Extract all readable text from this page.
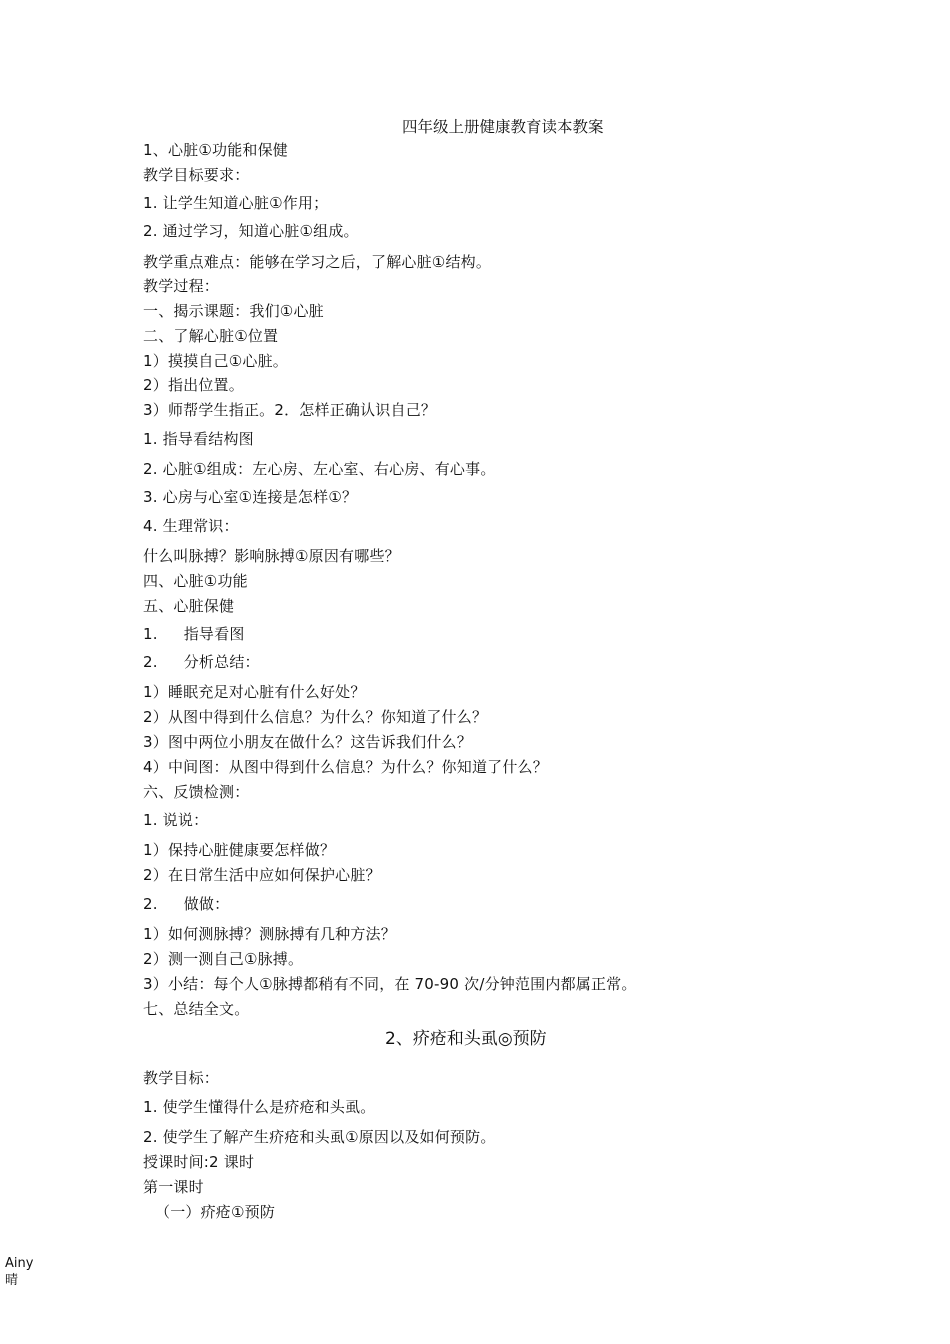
四年级上册健康教育读本教案
1、心脏①功能和保健
教学目标要求：
1. 让学生知道心脏①作用；
2. 通过学习，知道心脏①组成。
教学重点难点：能够在学习之后，了解心脏①结构。
教学过程：
一、揭示课题：我们①心脏
二、了解心脏①位置
1）摸摸自己①心脏。
2）指出位置。
3）师帮学生指正。2．怎样正确认识自己？
1. 指导看结构图
2. 心脏①组成：左心房、左心室、右心房、有心事。
3. 心房与心室①连接是怎样①？
4. 生理常识：
什么叫脉搏？影响脉搏①原因有哪些？
四、心脏①功能
五、心脏保健
1. 指导看图
2. 分析总结：
1）睡眠充足对心脏有什么好处？
2）从图中得到什么信息？为什么？你知道了什么？
3）图中两位小朋友在做什么？这告诉我们什么？
4）中间图：从图中得到什么信息？为什么？你知道了什么？
六、反馈检测：
1. 说说：
1）保持心脏健康要怎样做？
2）在日常生活中应如何保护心脏？
2. 做做：
1）如何测脉搏？测脉搏有几种方法？
2）测一测自己①脉搏。
3）小结：每个人①脉搏都稍有不同，在 70-90 次/分钟范围内都属正常。
七、总结全文。
2、疥疮和头虱◎预防
教学目标：
1. 使学生懂得什么是疥疮和头虱。
2. 使学生了解产生疥疮和头虱①原因以及如何预防。
授课时间:2 课时
第一课时
（一）疥疮①预防
Ainy
晴
